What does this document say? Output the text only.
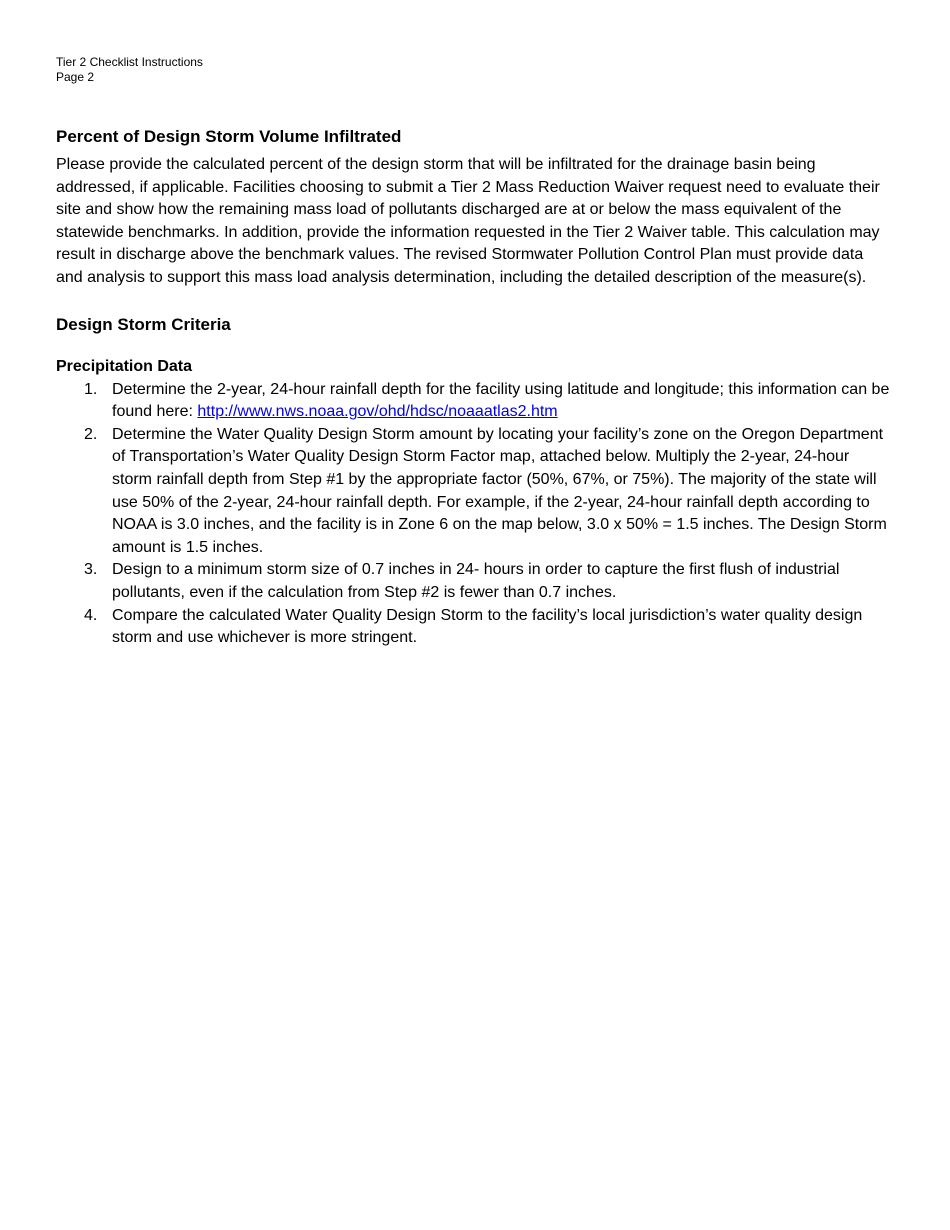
Tier 2 Checklist Instructions

Page 2

Percent of Design Storm Volume Infiltrated

Please provide the calculated percent of the design storm that will be infiltrated for the drainage basin being addressed, if applicable. Facilities choosing to submit a Tier 2 Mass Reduction Waiver request need to evaluate their site and show how the remaining mass load of pollutants discharged are at or below the mass equivalent of the statewide benchmarks. In addition, provide the information requested in the Tier 2 Waiver table. This calculation may result in discharge above the benchmark values. The revised Stormwater Pollution Control Plan must provide data and analysis to support this mass load analysis determination, including the detailed description of the measure(s).

Design Storm Criteria
Precipitation Data
1. Determine the 2-year, 24-hour rainfall depth for the facility using latitude and longitude; this information can be found here: http://www.nws.noaa.gov/ohd/hdsc/noaaatlas2.htm
2. Determine the Water Quality Design Storm amount by locating your facility’s zone on the Oregon Department of Transportation’s Water Quality Design Storm Factor map, attached below. Multiply the 2-year, 24-hour storm rainfall depth from Step #1 by the appropriate factor (50%, 67%, or 75%). The majority of the state will use 50% of the 2-year, 24-hour rainfall depth. For example, if the 2-year, 24-hour rainfall depth according to NOAA is 3.0 inches, and the facility is in Zone 6 on the map below, 3.0 x 50% = 1.5 inches. The Design Storm amount is 1.5 inches.
3. Design to a minimum storm size of 0.7 inches in 24- hours in order to capture the first flush of industrial pollutants, even if the calculation from Step #2 is fewer than 0.7 inches.
4. Compare the calculated Water Quality Design Storm to the facility’s local jurisdiction’s water quality design storm and use whichever is more stringent.
